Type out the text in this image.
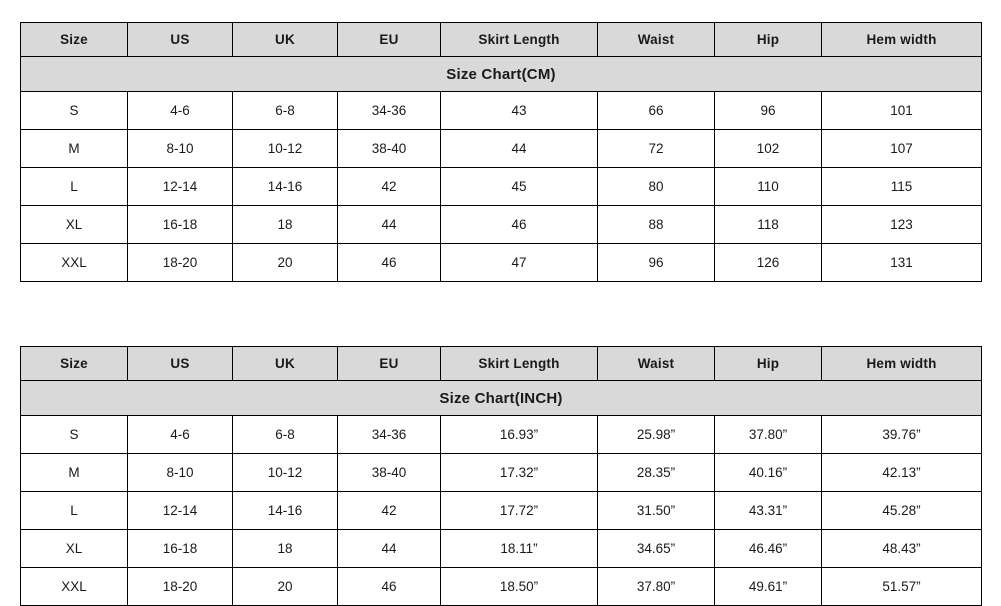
Size Chart(CM)							
Size	US	UK	EU	Skirt Length	Waist	Hip	Hem width
S	4-6	6-8	34-36	43	66	96	101
M	8-10	10-12	38-40	44	72	102	107
L	12-14	14-16	42	45	80	110	115
XL	16-18	18	44	46	88	118	123
XXL	18-20	20	46	47	96	126	131
Size Chart(INCH)							
Size	US	UK	EU	Skirt Length	Waist	Hip	Hem width
S	4-6	6-8	34-36	16.93”	25.98”	37.80”	39.76”
M	8-10	10-12	38-40	17.32”	28.35”	40.16”	42.13”
L	12-14	14-16	42	17.72”	31.50”	43.31”	45.28”
XL	16-18	18	44	18.11”	34.65”	46.46”	48.43”
XXL	18-20	20	46	18.50”	37.80”	49.61”	51.57”
